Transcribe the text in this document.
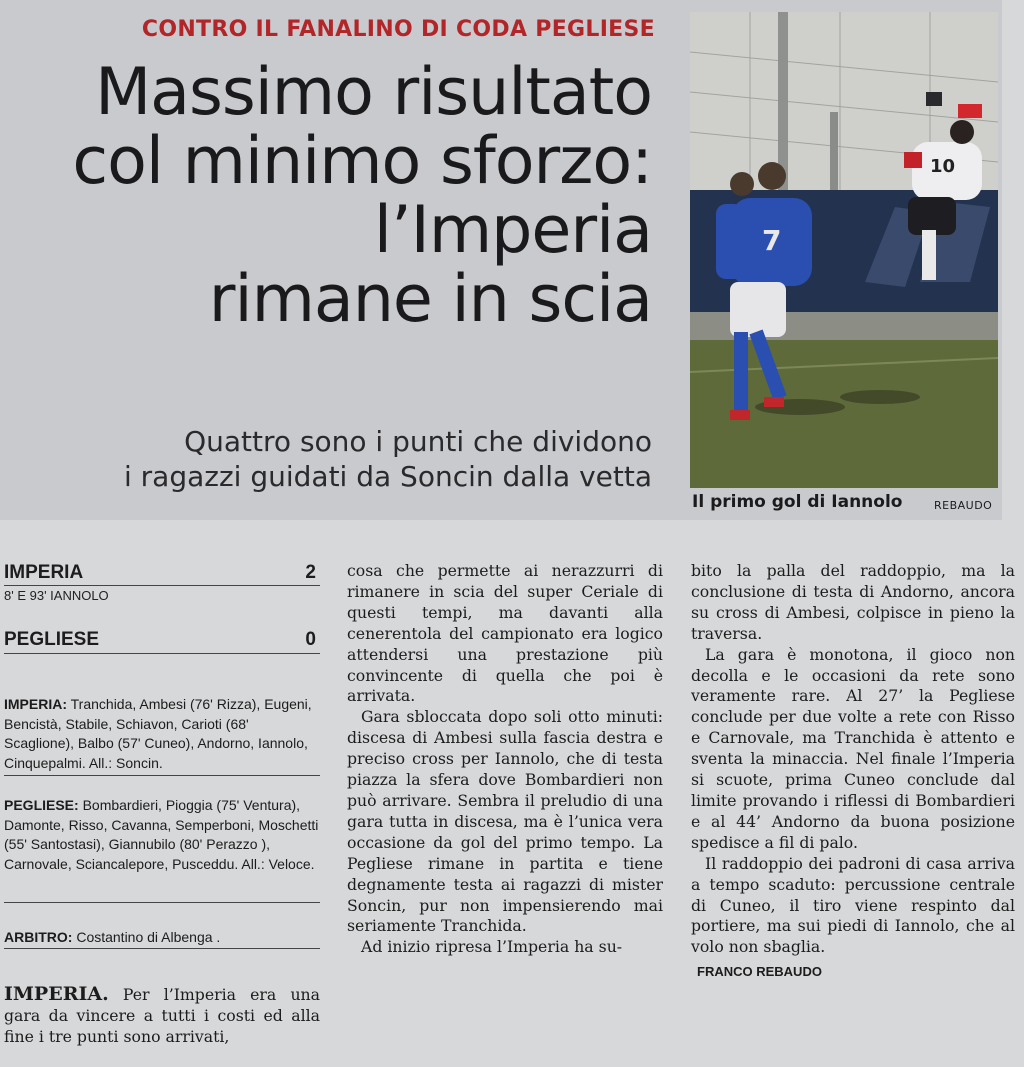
CONTRO IL FANALINO DI CODA PEGLIESE
Massimo risultato
col minimo sforzo:
l’Imperia
rimane in scia
Quattro sono i punti che dividono
i ragazzi guidati da Soncin dalla vetta
7
10
Il primo gol di Iannolo	REBAUDO
IMPERIA	2
8' E 93' IANNOLO
PEGLIESE	0
IMPERIA: Tranchida, Ambesi (76' Rizza), Eugeni, Bencistà, Stabile, Schiavon, Carioti (68' Scaglione), Balbo (57' Cuneo), Andorno, Iannolo, Cinquepalmi. All.: Soncin.
PEGLIESE: Bombardieri, Pioggia (75' Ventura), Damonte, Risso, Cavanna, Semperboni, Moschetti (55' Santostasi), Giannubilo (80' Perazzo ), Carnovale, Sciancalepore, Pusceddu. All.: Veloce.
ARBITRO: Costantino di Albenga .

IMPERIA. Per l’Imperia era una gara da vincere a tutti i costi ed alla fine i tre punti sono arrivati,

cosa che permette ai nerazzurri di rimanere in scia del super Ceriale di questi tempi, ma davanti alla cenerentola del campionato era logico attendersi una prestazione più convincente di quella che poi è arrivata.

Gara sbloccata dopo soli otto minuti: discesa di Ambesi sulla fascia destra e preciso cross per Iannolo, che di testa piazza la sfera dove Bombardieri non può arrivare. Sembra il preludio di una gara tutta in discesa, ma è l’unica vera occasione da gol del primo tempo. La Pegliese rimane in partita e tiene degnamente testa ai ragazzi di mister Soncin, pur non impensierendo mai seriamente Tranchida.

Ad inizio ripresa l’Imperia ha su-

bito la palla del raddoppio, ma la conclusione di testa di Andorno, ancora su cross di Ambesi, colpisce in pieno la traversa.

La gara è monotona, il gioco non decolla e le occasioni da rete sono veramente rare. Al 27’ la Pegliese conclude per due volte a rete con Risso e Carnovale, ma Tranchida è attento e sventa la minaccia. Nel finale l’Imperia si scuote, prima Cuneo conclude dal limite provando i riflessi di Bombardieri e al 44’ Andorno da buona posizione spedisce a fil di palo.

Il raddoppio dei padroni di casa arriva a tempo scaduto: percussione centrale di Cuneo, il tiro viene respinto dal portiere, ma sui piedi di Iannolo, che al volo non sbaglia.

FRANCO REBAUDO
